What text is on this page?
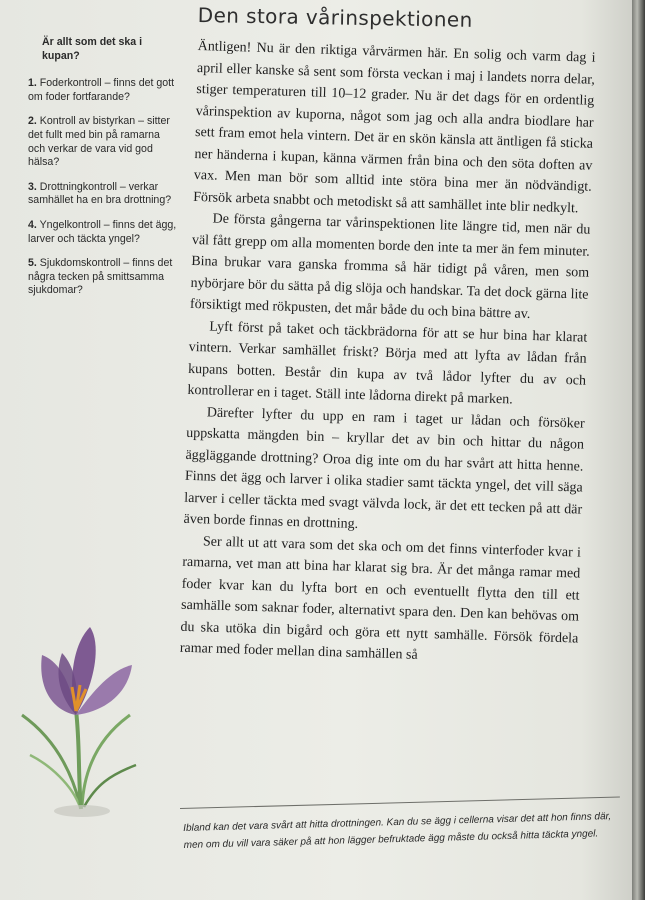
Är allt som det ska i kupan?
1. Foderkontroll – finns det gott om foder fortfarande?
2. Kontroll av bistyrkan – sitter det fullt med bin på ramarna och verkar de vara vid god hälsa?
3. Drottningkontroll – verkar samhället ha en bra drottning?
4. Yngelkontroll – finns det ägg, larver och täckta yngel?
5. Sjukdomskontroll – finns det några tecken på smittsamma sjukdomar?
Den stora vårinspektionen

Äntligen! Nu är den riktiga vårvärmen här. En solig och varm dag i april eller kanske så sent som första veckan i maj i landets norra delar, stiger temperaturen till 10–12 grader. Nu är det dags för en ordentlig vårinspektion av kuporna, något som jag och alla andra biodlare har sett fram emot hela vintern. Det är en skön känsla att äntligen få sticka ner händerna i kupan, känna värmen från bina och den söta doften av vax. Men man bör som alltid inte störa bina mer än nödvändigt. Försök arbeta snabbt och metodiskt så att samhället inte blir nedkylt.

De första gångerna tar vårinspektionen lite längre tid, men när du väl fått grepp om alla momenten borde den inte ta mer än fem minuter. Bina brukar vara ganska fromma så här tidigt på våren, men som nybörjare bör du sätta på dig slöja och handskar. Ta det dock gärna lite försiktigt med rökpusten, det mår både du och bina bättre av.

Lyft först på taket och täckbrädorna för att se hur bina har klarat vintern. Verkar samhället friskt? Börja med att lyfta av lådan från kupans botten. Består din kupa av två lådor lyfter du av och kontrollerar en i taget. Ställ inte lådorna direkt på marken.

Därefter lyfter du upp en ram i taget ur lådan och försöker uppskatta mängden bin – kryllar det av bin och hittar du någon äggläggande drottning? Oroa dig inte om du har svårt att hitta henne. Finns det ägg och larver i olika stadier samt täckta yngel, det vill säga larver i celler täckta med svagt välvda lock, är det ett tecken på att där även borde finnas en drottning.

Ser allt ut att vara som det ska och om det finns vinterfoder kvar i ramarna, vet man att bina har klarat sig bra. Är det många ramar med foder kvar kan du lyfta bort en och eventuellt flytta den till ett samhälle som saknar foder, alternativt spara den. Den kan behövas om du ska utöka din bigård och göra ett nytt samhälle. Försök fördela ramar med foder mellan dina samhällen så

Ibland kan det vara svårt att hitta drottningen. Kan du se ägg i cellerna visar det att hon finns där, men om du vill vara säker på att hon lägger befruktade ägg måste du också hitta täckta yngel.
